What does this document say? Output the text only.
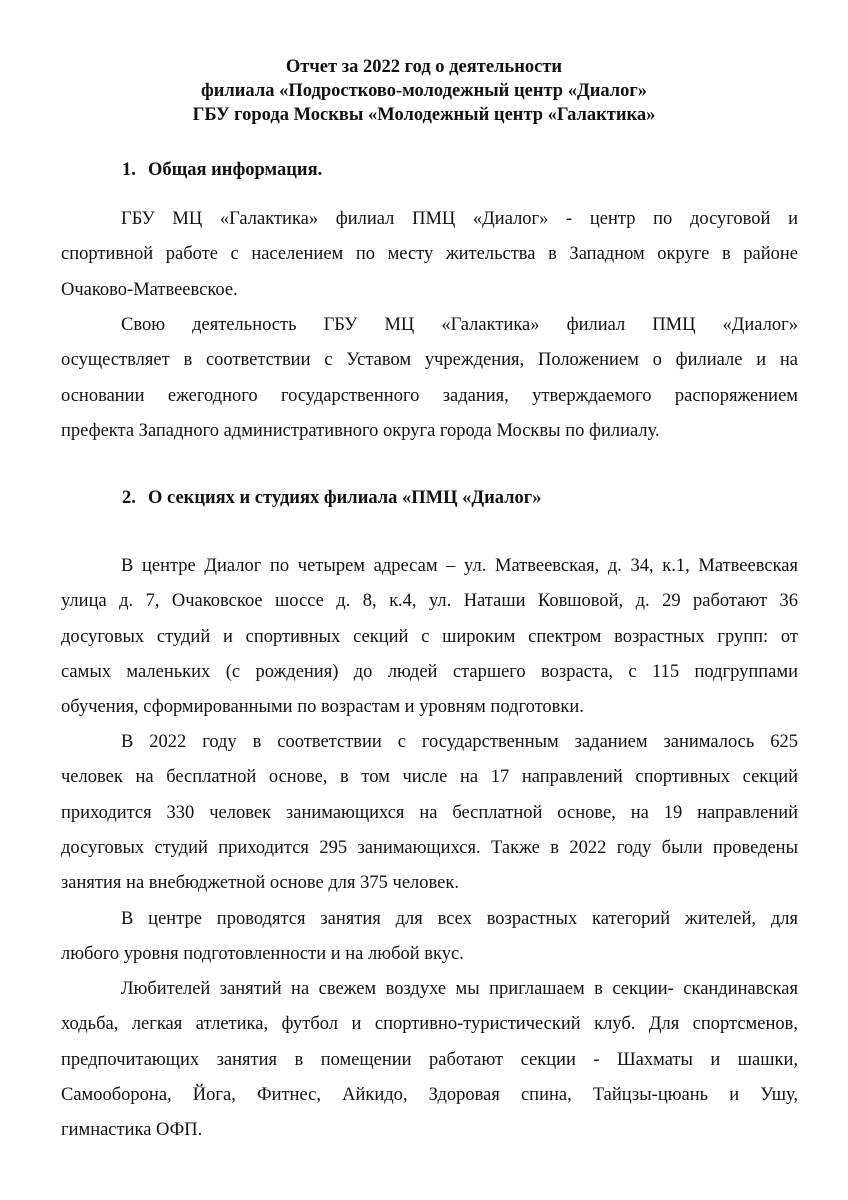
Отчет за 2022 год о деятельности
филиала «Подростково-молодежный центр «Диалог»
ГБУ города Москвы «Молодежный центр «Галактика»
1. Общая информация.
ГБУ МЦ «Галактика» филиал ПМЦ «Диалог» - центр по досуговой и
спортивной работе с населением по месту жительства в Западном округе в районе
Очаково-Матвеевское.
Свою деятельность ГБУ МЦ «Галактика» филиал ПМЦ «Диалог»
осуществляет в соответствии с Уставом учреждения, Положением о филиале и на
основании ежегодного государственного задания, утверждаемого распоряжением
префекта Западного административного округа города Москвы по филиалу.
2. О секциях и студиях филиала «ПМЦ «Диалог»
В центре Диалог по четырем адресам – ул. Матвеевская, д. 34, к.1, Матвеевская
улица д. 7, Очаковское шоссе д. 8, к.4, ул. Наташи Ковшовой, д. 29 работают 36
досуговых студий и спортивных секций с широким спектром возрастных групп: от
самых маленьких (с рождения) до людей старшего возраста, с 115 подгруппами
обучения, сформированными по возрастам и уровням подготовки.
В 2022 году в соответствии с государственным заданием занималось 625
человек на бесплатной основе, в том числе на 17 направлений спортивных секций
приходится 330 человек занимающихся на бесплатной основе, на 19 направлений
досуговых студий приходится 295 занимающихся. Также в 2022 году были проведены
занятия на внебюджетной основе для 375 человек.
В центре проводятся занятия для всех возрастных категорий жителей, для
любого уровня подготовленности и на любой вкус.
Любителей занятий на свежем воздухе мы приглашаем в секции- скандинавская
ходьба, легкая атлетика, футбол и спортивно-туристический клуб. Для спортсменов,
предпочитающих занятия в помещении работают секции - Шахматы и шашки,
Самооборона, Йога, Фитнес, Айкидо, Здоровая спина, Тайцзы-цюань и Ушу,
гимнастика ОФП.
